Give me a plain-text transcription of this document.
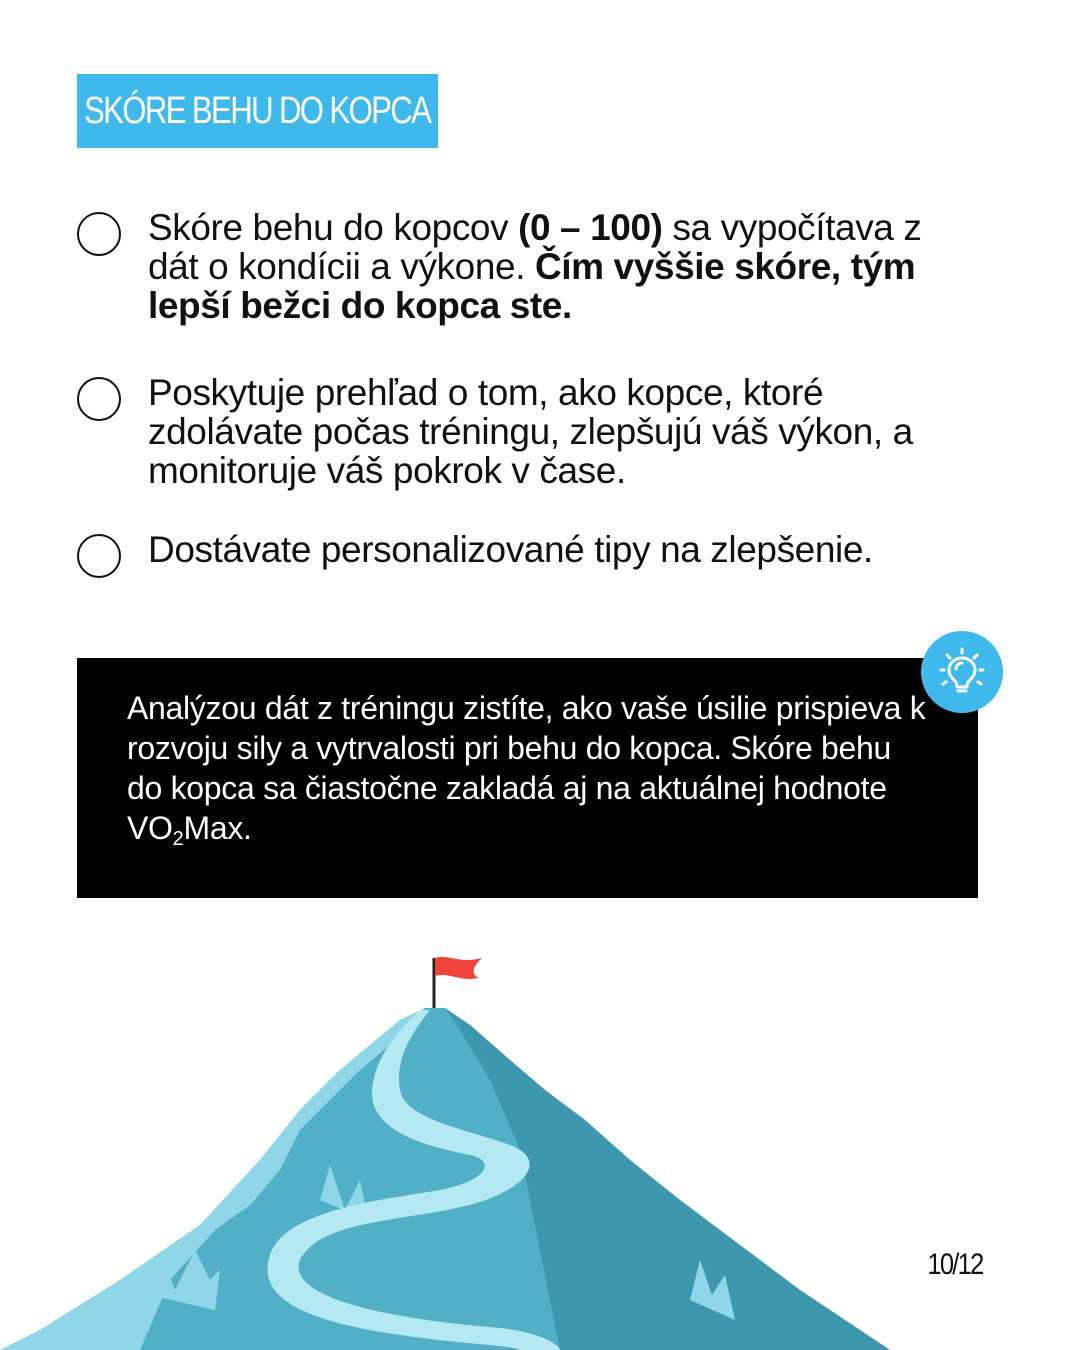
SKÓRE BEHU DO KOPCA
Skóre behu do kopcov (0 – 100) sa vypočítava z dát o kondícii a výkone. Čím vyššie skóre, tým lepší bežci do kopca ste.
Poskytuje prehľad o tom, ako kopce, ktoré zdolávate počas tréningu, zlepšujú váš výkon, a monitoruje váš pokrok v čase.
Dostávate personalizované tipy na zlepšenie.
Analýzou dát z tréningu zistíte, ako vaše úsilie prispieva k rozvoju sily a vytrvalosti pri behu do kopca. Skóre behu do kopca sa čiastočne zakladá aj na aktuálnej hodnote $VO_2Max$.
10/12
